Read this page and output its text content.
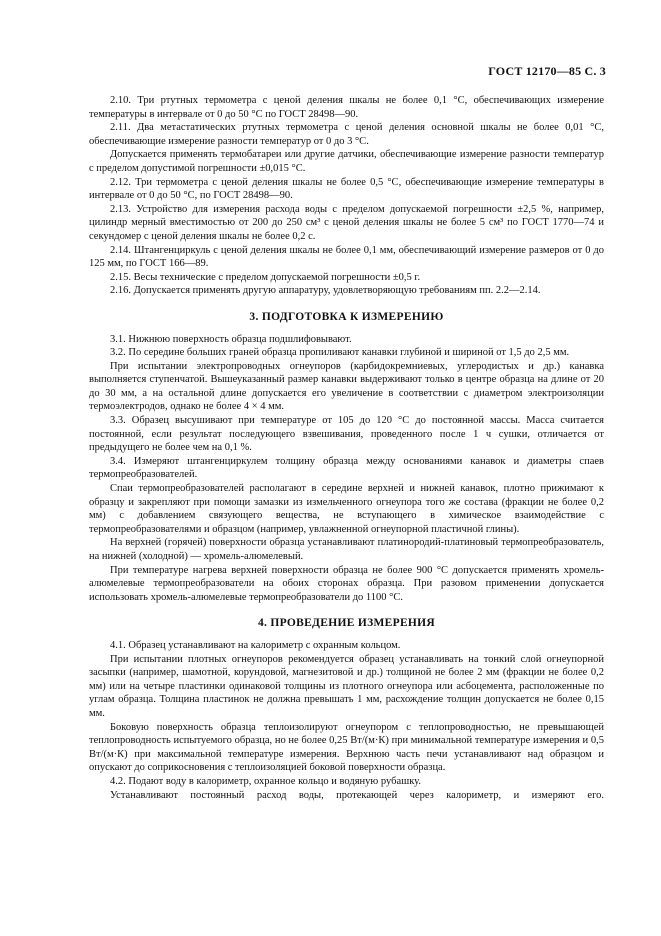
ГОСТ 12170—85 С. 3

2.10. Три ртутных термометра с ценой деления шкалы не более 0,1 °С, обеспечивающих измерение температуры в интервале от 0 до 50 °С по ГОСТ 28498—90.

2.11. Два метастатических ртутных термометра с ценой деления основной шкалы не более 0,01 °С, обеспечивающие измерение разности температур от 0 до 3 °С.

Допускается применять термобатареи или другие датчики, обеспечивающие измерение разности температур с пределом допустимой погрешности ±0,015 °С.

2.12. Три термометра с ценой деления шкалы не более 0,5 °С, обеспечивающие измерение температуры в интервале от 0 до 50 °С, по ГОСТ 28498—90.

2.13. Устройство для измерения расхода воды с пределом допускаемой погрешности ±2,5 %, например, цилиндр мерный вместимостью от 200 до 250 см³ с ценой деления шкалы не более 5 см³ по ГОСТ 1770—74 и секундомер с ценой деления шкалы не более 0,2 с.

2.14. Штангенциркуль с ценой деления шкалы не более 0,1 мм, обеспечивающий измерение размеров от 0 до 125 мм, по ГОСТ 166—89.

2.15. Весы технические с пределом допускаемой погрешности ±0,5 г.

2.16. Допускается применять другую аппаратуру, удовлетворяющую требованиям пп. 2.2—2.14.

3. ПОДГОТОВКА К ИЗМЕРЕНИЮ

3.1. Нижнюю поверхность образца подшлифовывают.

3.2. По середине больших граней образца пропиливают канавки глубиной и шириной от 1,5 до 2,5 мм.

При испытании электропроводных огнеупоров (карбидокремниевых, углеродистых и др.) канавка выполняется ступенчатой. Вышеуказанный размер канавки выдерживают только в центре образца на длине от 20 до 30 мм, а на остальной длине допускается его увеличение в соответствии с диаметром электроизоляции термоэлектродов, однако не более 4 × 4 мм.

3.3. Образец высушивают при температуре от 105 до 120 °С до постоянной массы. Масса считается постоянной, если результат последующего взвешивания, проведенного после 1 ч сушки, отличается от предыдущего не более чем на 0,1 %.

3.4. Измеряют штангенциркулем толщину образца между основаниями канавок и диаметры спаев термопреобразователей.

Спаи термопреобразователей располагают в середине верхней и нижней канавок, плотно прижимают к образцу и закрепляют при помощи замазки из измельченного огнеупора того же состава (фракции не более 0,2 мм) с добавлением связующего вещества, не вступающего в химическое взаимодействие с термопреобразователями и образцом (например, увлажненной огнеупорной пластичной глины).

На верхней (горячей) поверхности образца устанавливают платинородий-платиновый термопреобразователь, на нижней (холодной) — хромель-алюмелевый.

При температуре нагрева верхней поверхности образца не более 900 °С допускается применять хромель-алюмелевые термопреобразователи на обоих сторонах образца. При разовом применении допускается использовать хромель-алюмелевые термопреобразователи до 1100 °С.

4. ПРОВЕДЕНИЕ ИЗМЕРЕНИЯ

4.1. Образец устанавливают на калориметр с охранным кольцом.

При испытании плотных огнеупоров рекомендуется образец устанавливать на тонкий слой огнеупорной засыпки (например, шамотной, корундовой, магнезитовой и др.) толщиной не более 2 мм (фракции не более 0,2 мм) или на четыре пластинки одинаковой толщины из плотного огнеупора или асбоцемента, расположенные по углам образца. Толщина пластинок не должна превышать 1 мм, расхождение толщин допускается не более 0,15 мм.

Боковую поверхность образца теплоизолируют огнеупором с теплопроводностью, не превышающей теплопроводность испытуемого образца, но не более 0,25 Вт/(м·К) при минимальной температуре измерения и 0,5 Вт/(м·К) при максимальной температуре измерения. Верхнюю часть печи устанавливают над образцом и опускают до соприкосновения с теплоизоляцией боковой поверхности образца.

4.2. Подают воду в калориметр, охранное кольцо и водяную рубашку.

Устанавливают постоянный расход воды, протекающей через калориметр, и измеряют его.
